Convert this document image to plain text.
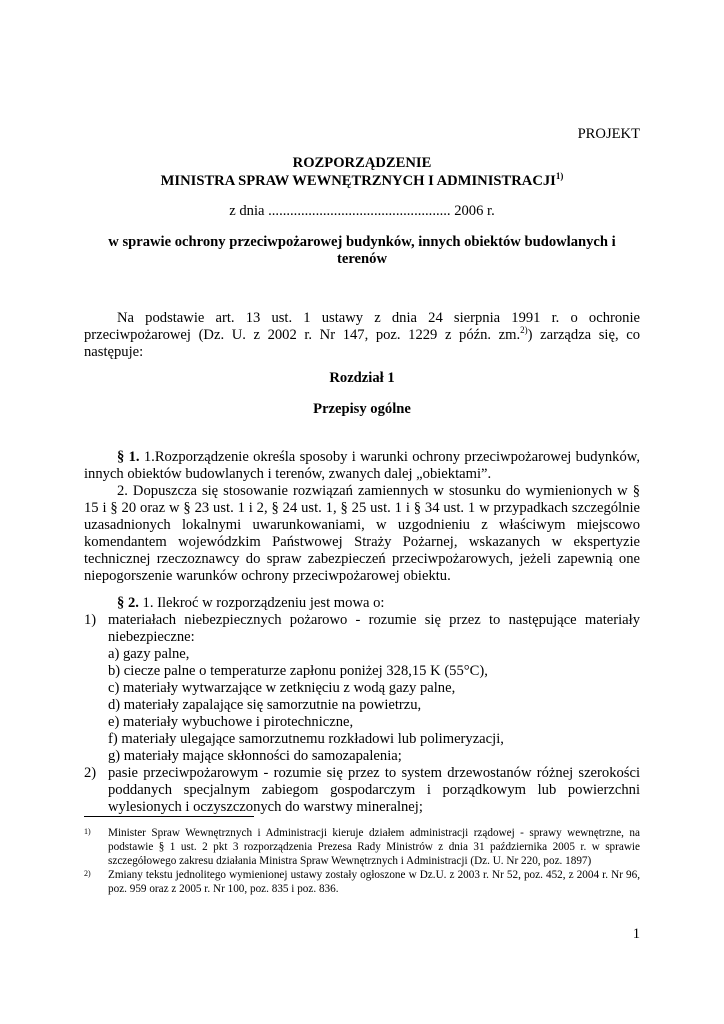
PROJEKT
ROZPORZĄDZENIE
MINISTRA SPRAW WEWNĘTRZNYCH I ADMINISTRACJI$^{1)}$
z dnia .................................................. 2006 r.
w sprawie ochrony przeciwpożarowej budynków, innych obiektów budowlanych i terenów

Na podstawie art. 13 ust. 1 ustawy z dnia 24 sierpnia 1991 r. o ochronie przeciwpożarowej (Dz. U. z 2002 r. Nr 147, poz. 1229 z późn. zm.$^{2)}$) zarządza się, co następuje:

Rozdział 1
Przepisy ogólne

§ 1. 1.Rozporządzenie określa sposoby i warunki ochrony przeciwpożarowej budynków, innych obiektów budowlanych i terenów, zwanych dalej „obiektami”.

2. Dopuszcza się stosowanie rozwiązań zamiennych w stosunku do wymienionych w § 15 i § 20 oraz w § 23 ust. 1 i 2, § 24 ust. 1, § 25 ust. 1 i § 34 ust. 1 w przypadkach szczególnie uzasadnionych lokalnymi uwarunkowaniami, w uzgodnieniu z właściwym miejscowo komendantem wojewódzkim Państwowej Straży Pożarnej, wskazanych w ekspertyzie technicznej rzeczoznawcy do spraw zabezpieczeń przeciwpożarowych, jeżeli zapewnią one niepogorszenie warunków ochrony przeciwpożarowej obiektu.

§ 2. 1. Ilekroć w rozporządzeniu jest mowa o:

1) materiałach niebezpiecznych pożarowo - rozumie się przez to następujące materiały niebezpieczne:
a) gazy palne,
b) ciecze palne o temperaturze zapłonu poniżej 328,15 K (55°C),
c) materiały wytwarzające w zetknięciu z wodą gazy palne,
d) materiały zapalające się samorzutnie na powietrzu,
e) materiały wybuchowe i pirotechniczne,
f) materiały ulegające samorzutnemu rozkładowi lub polimeryzacji,
g) materiały mające skłonności do samozapalenia;
2) pasie przeciwpożarowym - rozumie się przez to system drzewostanów różnej szerokości poddanych specjalnym zabiegom gospodarczym i porządkowym lub powierzchni wylesionych i oczyszczonych do warstwy mineralnej;

1) Minister Spraw Wewnętrznych i Administracji kieruje działem administracji rządowej - sprawy wewnętrzne, na podstawie § 1 ust. 2 pkt 3 rozporządzenia Prezesa Rady Ministrów z dnia 31 października 2005 r. w sprawie szczegółowego zakresu działania Ministra Spraw Wewnętrznych i Administracji (Dz. U. Nr 220, poz. 1897)

2) Zmiany tekstu jednolitego wymienionej ustawy zostały ogłoszone w Dz.U. z 2003 r. Nr 52, poz. 452, z 2004 r. Nr 96, poz. 959 oraz z 2005 r. Nr 100, poz. 835 i poz. 836.

1
